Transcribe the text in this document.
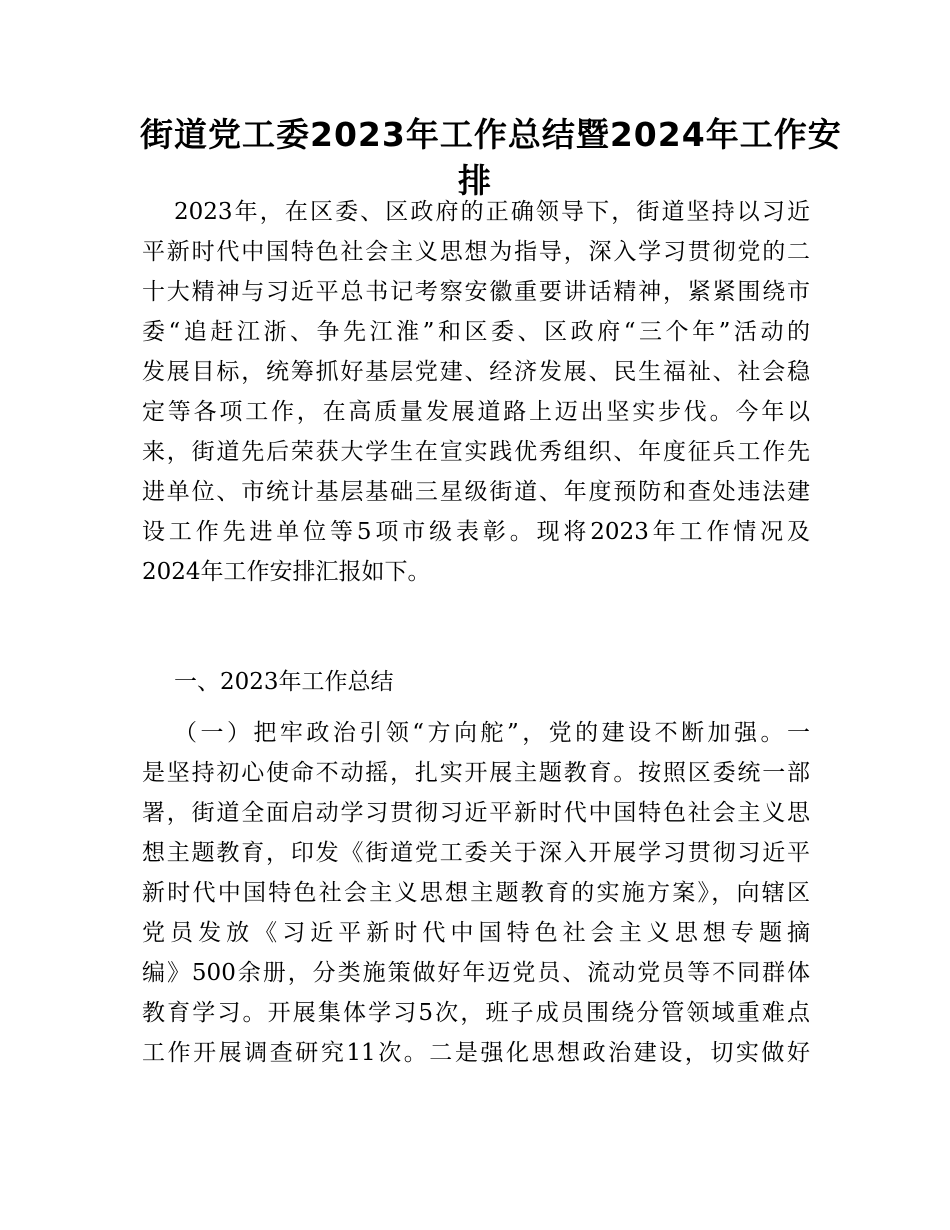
街道党工委2023年工作总结暨2024年工作安
排
2023年，在区委、区政府的正确领导下，街道坚持以习近
平新时代中国特色社会主义思想为指导，深入学习贯彻党的二
十大精神与习近平总书记考察安徽重要讲话精神，紧紧围绕市
委“追赶江浙、争先江淮”和区委、区政府“三个年”活动的
发展目标，统筹抓好基层党建、经济发展、民生福祉、社会稳
定等各项工作，在高质量发展道路上迈出坚实步伐。今年以
来，街道先后荣获大学生在宣实践优秀组织、年度征兵工作先
进单位、市统计基层基础三星级街道、年度预防和查处违法建
设工作先进单位等5项市级表彰。现将2023年工作情况及
2024年工作安排汇报如下。
一、2023年工作总结
（一）把牢政治引领“方向舵”，党的建设不断加强。一
是坚持初心使命不动摇，扎实开展主题教育。按照区委统一部
署，街道全面启动学习贯彻习近平新时代中国特色社会主义思
想主题教育，印发《街道党工委关于深入开展学习贯彻习近平
新时代中国特色社会主义思想主题教育的实施方案》，向辖区
党员发放《习近平新时代中国特色社会主义思想专题摘
编》500余册，分类施策做好年迈党员、流动党员等不同群体
教育学习。开展集体学习5次，班子成员围绕分管领域重难点
工作开展调查研究11次。二是强化思想政治建设，切实做好
